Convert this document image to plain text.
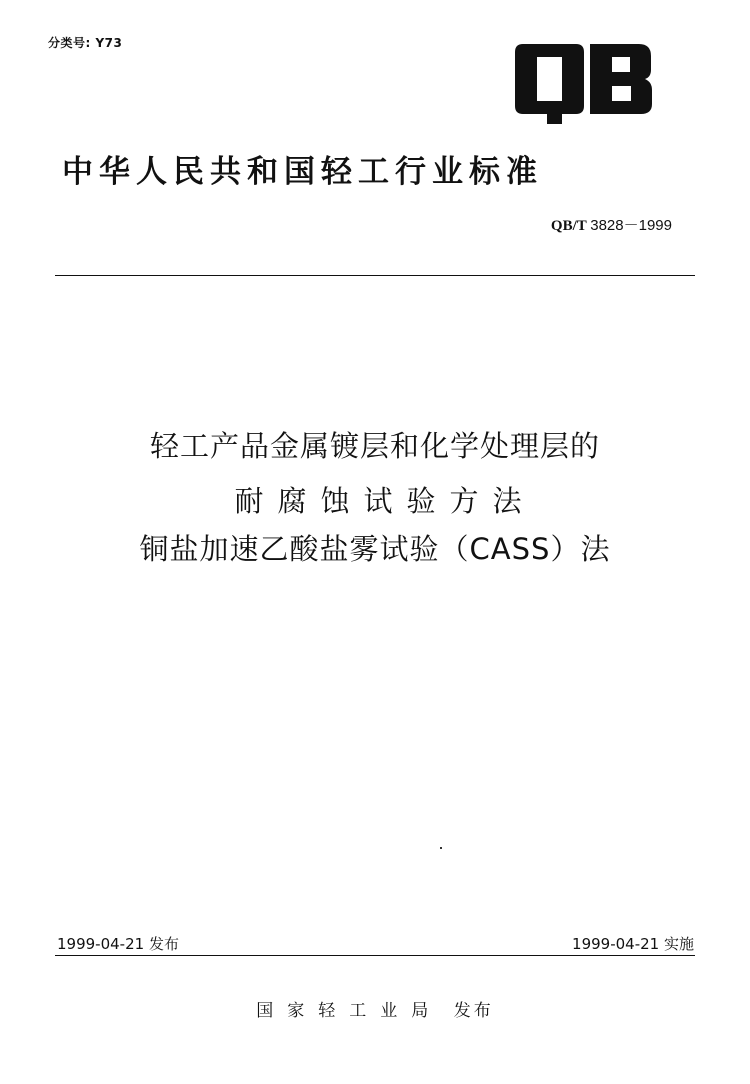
分类号: Y73
中华人民共和国轻工行业标准
QB/T 3828－1999
轻工产品金属镀层和化学处理层的
耐腐蚀试验方法
铜盐加速乙酸盐雾试验（CASS）法
1999-04-21 发布	1999-04-21 实施
国家轻工业局 发布
